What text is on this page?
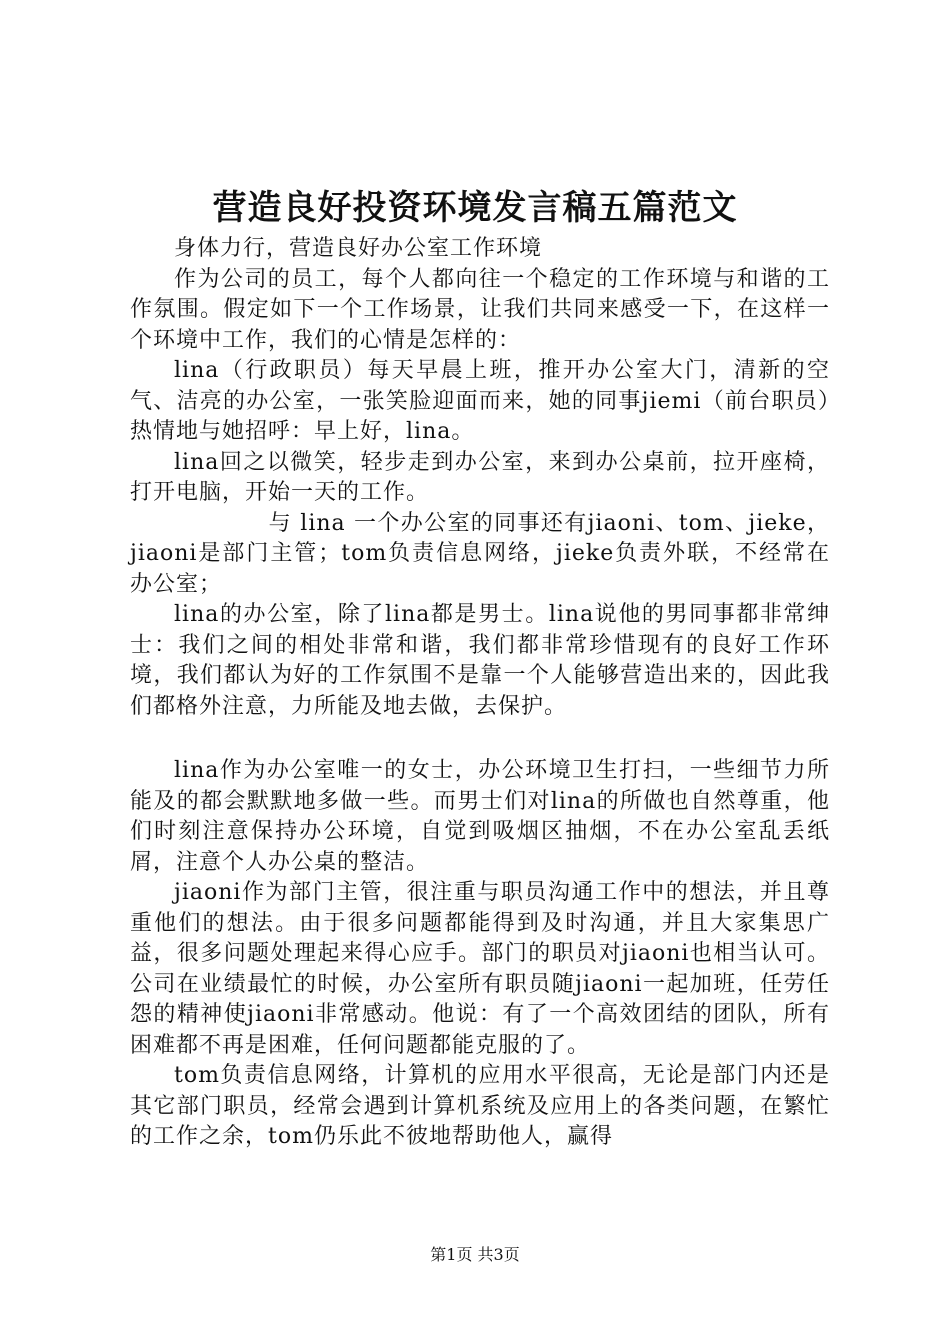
营造良好投资环境发言稿五篇范文

身体力行，营造良好办公室工作环境

作为公司的员工，每个人都向往一个稳定的工作环境与和谐的工作氛围。假定如下一个工作场景，让我们共同来感受一下，在这样一个环境中工作，我们的心情是怎样的：

lina（行政职员）每天早晨上班，推开办公室大门，清新的空气、洁亮的办公室，一张笑脸迎面而来，她的同事jiemi（前台职员）热情地与她招呼：早上好，lina。

lina回之以微笑，轻步走到办公室，来到办公桌前，拉开座椅，打开电脑，开始一天的工作。

与 lina 一个办公室的同事还有jiaoni、tom、jieke，jiaoni是部门主管；tom负责信息网络，jieke负责外联，不经常在办公室；

lina的办公室，除了lina都是男士。lina说他的男同事都非常绅士：我们之间的相处非常和谐，我们都非常珍惜现有的良好工作环境，我们都认为好的工作氛围不是靠一个人能够营造出来的，因此我们都格外注意，力所能及地去做，去保护。

lina作为办公室唯一的女士，办公环境卫生打扫，一些细节力所能及的都会默默地多做一些。而男士们对lina的所做也自然尊重，他们时刻注意保持办公环境，自觉到吸烟区抽烟，不在办公室乱丢纸屑，注意个人办公桌的整洁。

jiaoni作为部门主管，很注重与职员沟通工作中的想法，并且尊重他们的想法。由于很多问题都能得到及时沟通，并且大家集思广益，很多问题处理起来得心应手。部门的职员对jiaoni也相当认可。公司在业绩最忙的时候，办公室所有职员随jiaoni一起加班，任劳任怨的精神使jiaoni非常感动。他说：有了一个高效团结的团队，所有困难都不再是困难，任何问题都能克服的了。

tom负责信息网络，计算机的应用水平很高，无论是部门内还是其它部门职员，经常会遇到计算机系统及应用上的各类问题，在繁忙的工作之余，tom仍乐此不彼地帮助他人，赢得

第1页 共3页
